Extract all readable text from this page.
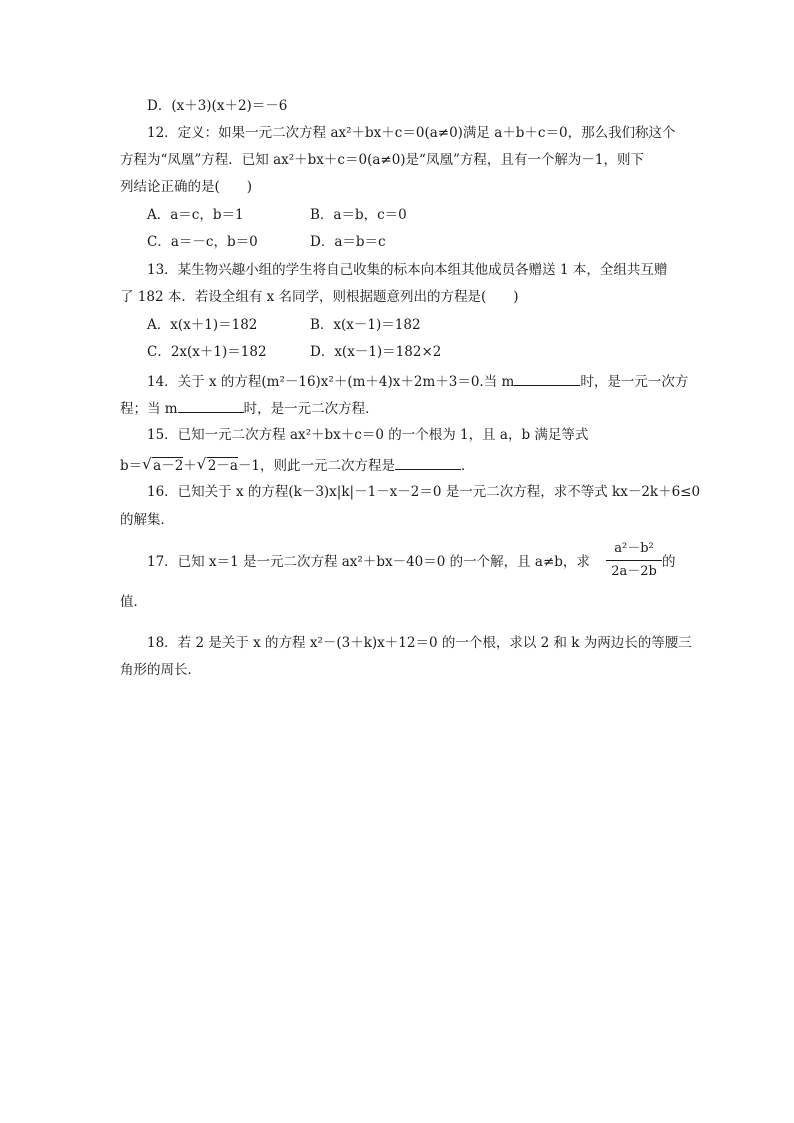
D．(x＋3)(x＋2)＝－6
12．定义：如果一元二次方程 ax²＋bx＋c＝0(a≠0)满足 a＋b＋c＝0，那么我们称这个
方程为“凤凰”方程．已知 ax²＋bx＋c＝0(a≠0)是“凤凰”方程，且有一个解为－1，则下
列结论正确的是(　　)
A．a＝c，b＝1	B．a＝b，c＝0
C．a＝－c，b＝0	D．a＝b＝c
13．某生物兴趣小组的学生将自己收集的标本向本组其他成员各赠送 1 本，全组共互赠
了 182 本．若设全组有 x 名同学，则根据题意列出的方程是(　　)
A．x(x＋1)＝182	B．x(x－1)＝182
C．2x(x＋1)＝182	D．x(x－1)＝182×2
14．关于 x 的方程(m²－16)x²＋(m＋4)x＋2m＋3＝0.当 m	时，是一元一次方
程；当 m	时，是一元二次方程．
15．已知一元二次方程 ax²＋bx＋c＝0 的一个根为 1，且 a，b 满足等式
b＝ √ a－2＋ √ 2－a－1，则此一元二次方程是	．
16．已知关于 x 的方程(k－3)x|k|－1－x－2＝0 是一元二次方程，求不等式 kx－2k＋6≤0
的解集．
17．已知 x＝1 是一元二次方程 ax²＋bx－40＝0 的一个解，且 a≠b，求
a²－b²
2a－2b
的
值．
18．若 2 是关于 x 的方程 x²－(3＋k)x＋12＝0 的一个根，求以 2 和 k 为两边长的等腰三
角形的周长．
